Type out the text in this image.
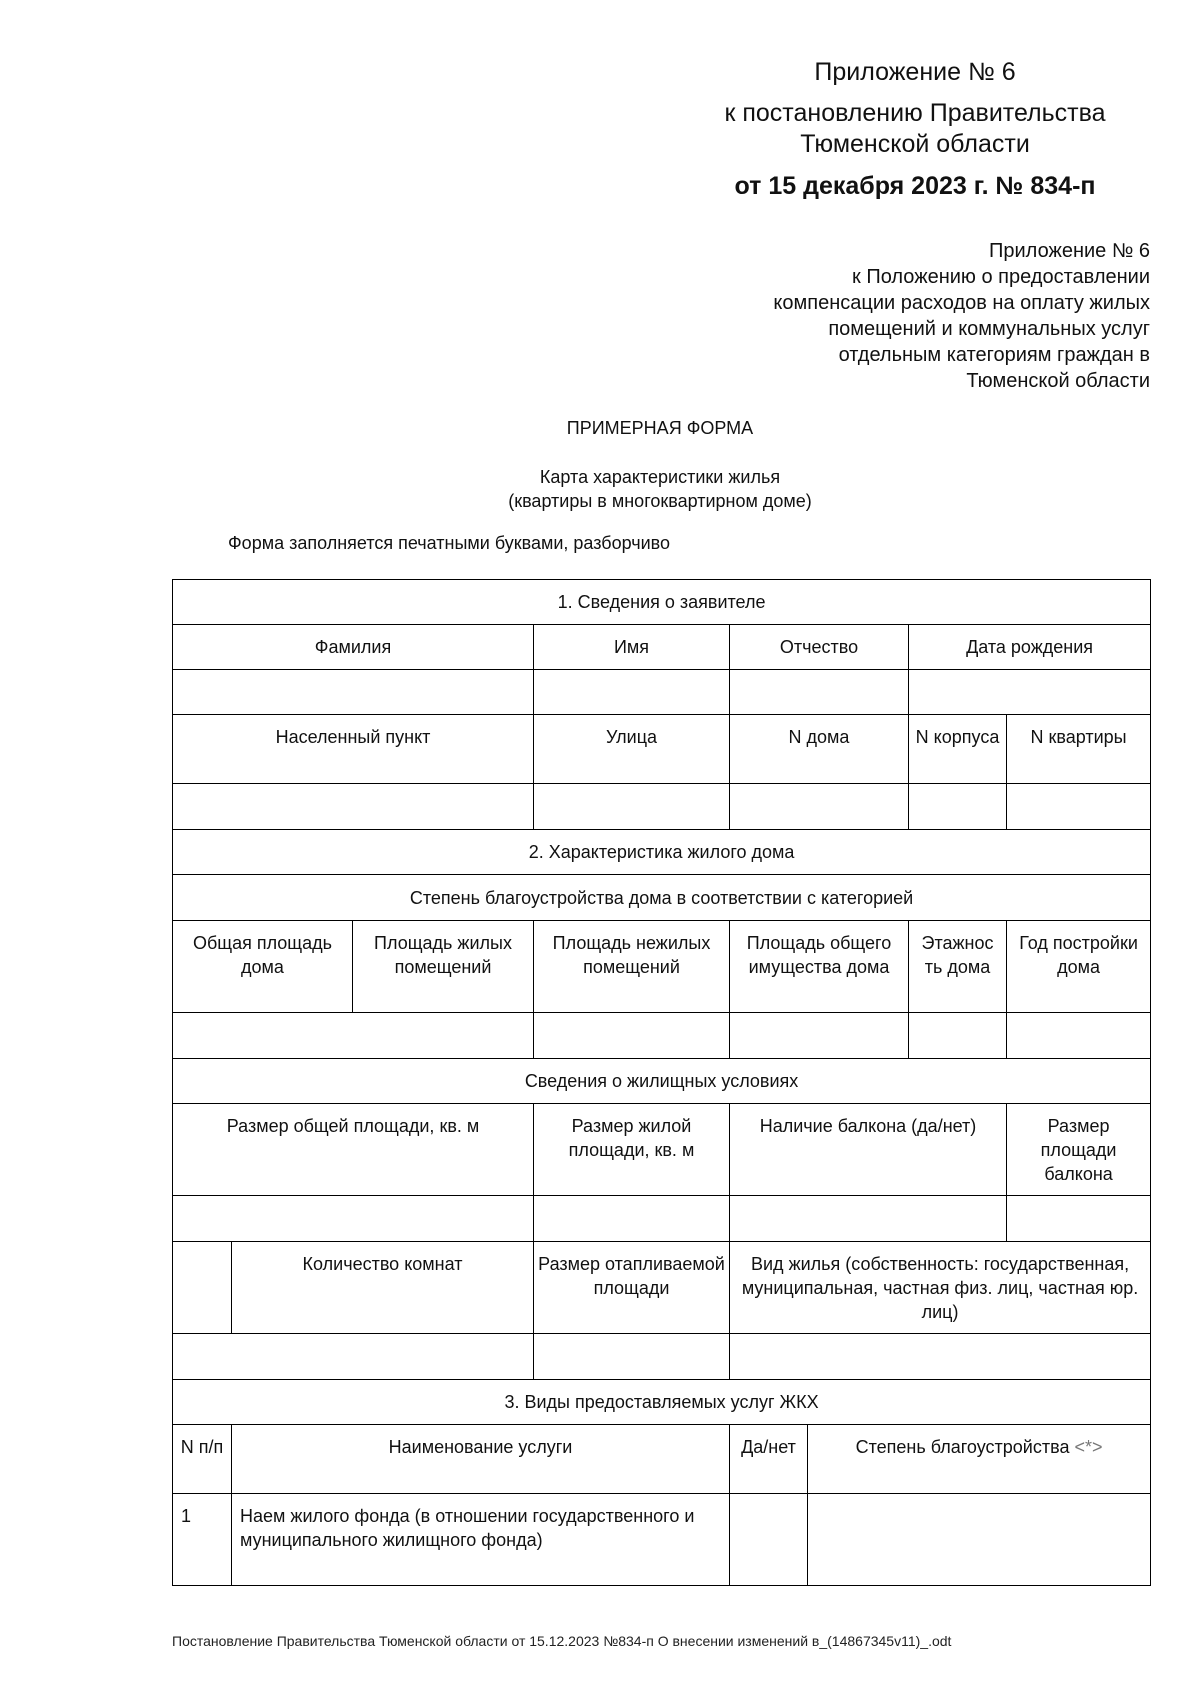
Приложение № 6
к постановлению Правительства
Тюменской области
от 15 декабря 2023 г. № 834-п
Приложение № 6
к Положению о предоставлении
компенсации расходов на оплату жилых
помещений и коммунальных услуг
отдельным категориям граждан в
Тюменской области
ПРИМЕРНАЯ ФОРМА
Карта характеристики жилья
(квартиры в многоквартирном доме)
Форма заполняется печатными буквами, разборчиво
1. Сведения о заявителе							
Фамилия			Имя	Отчество		Дата рождения	

Населенный пункт			Улица	N дома		N корпуса	N квартиры

2. Характеристика жилого дома							
Степень благоустройства дома в соответствии с категорией							
Общая площадь дома		Площадь жилых помещений	Площадь нежилых помещений	Площадь общего имущества дома		Этажнос ть дома	Год постройки дома

Сведения о жилищных условиях							
Размер общей площади, кв. м			Размер жилой площади, кв. м	Наличие балкона (да/нет)			Размер площади балкона

	Количество комнат		Размер отапливаемой площади	Вид жилья (собственность: государственная, муниципальная, частная физ. лиц, частная юр. лиц)			

3. Виды предоставляемых услуг ЖКХ							
N п/п	Наименование услуги			Да/нет	Степень благоустройства <*>		
1	Наем жилого фонда (в отношении государственного и муниципального жилищного фонда)						
Постановление Правительства Тюменской области от 15.12.2023 №834-п О внесении изменений в_(14867345v11)_.odt
